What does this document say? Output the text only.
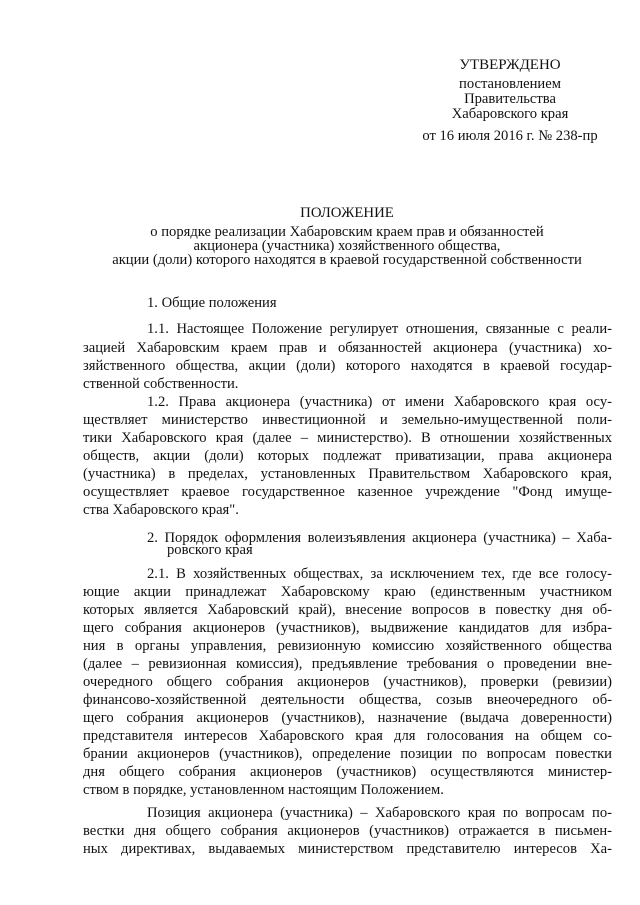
УТВЕРЖДЕНО
постановлением
Правительства
Хабаровского края
от 16 июля 2016 г. № 238-пр
ПОЛОЖЕНИЕ
о порядке реализации Хабаровским краем прав и обязанностей
акционера (участника) хозяйственного общества,
акции (доли) которого находятся в краевой государственной собственности
1. Общие положения
1.1. Настоящее Положение регулирует отношения, связанные с реали-
зацией Хабаровским краем прав и обязанностей акционера (участника) хо-
зяйственного общества, акции (доли) которого находятся в краевой государ-
ственной собственности.
1.2. Права акционера (участника) от имени Хабаровского края осу-
ществляет министерство инвестиционной и земельно-имущественной поли-
тики Хабаровского края (далее – министерство). В отношении хозяйственных
обществ, акции (доли) которых подлежат приватизации, права акционера
(участника) в пределах, установленных Правительством Хабаровского края,
осуществляет краевое государственное казенное учреждение "Фонд имуще-
ства Хабаровского края".
2. Порядок оформления волеизъявления акционера (участника) – Хаба-
ровского края
2.1. В хозяйственных обществах, за исключением тех, где все голосу-
ющие акции принадлежат Хабаровскому краю (единственным участником
которых является Хабаровский край), внесение вопросов в повестку дня об-
щего собрания акционеров (участников), выдвижение кандидатов для избра-
ния в органы управления, ревизионную комиссию хозяйственного общества
(далее – ревизионная комиссия), предъявление требования о проведении вне-
очередного общего собрания акционеров (участников), проверки (ревизии)
финансово-хозяйственной деятельности общества, созыв внеочередного об-
щего собрания акционеров (участников), назначение (выдача доверенности)
представителя интересов Хабаровского края для голосования на общем со-
брании акционеров (участников), определение позиции по вопросам повестки
дня общего собрания акционеров (участников) осуществляются министер-
ством в порядке, установленном настоящим Положением.
Позиция акционера (участника) – Хабаровского края по вопросам по-
вестки дня общего собрания акционеров (участников) отражается в письмен-
ных директивах, выдаваемых министерством представителю интересов Ха-
